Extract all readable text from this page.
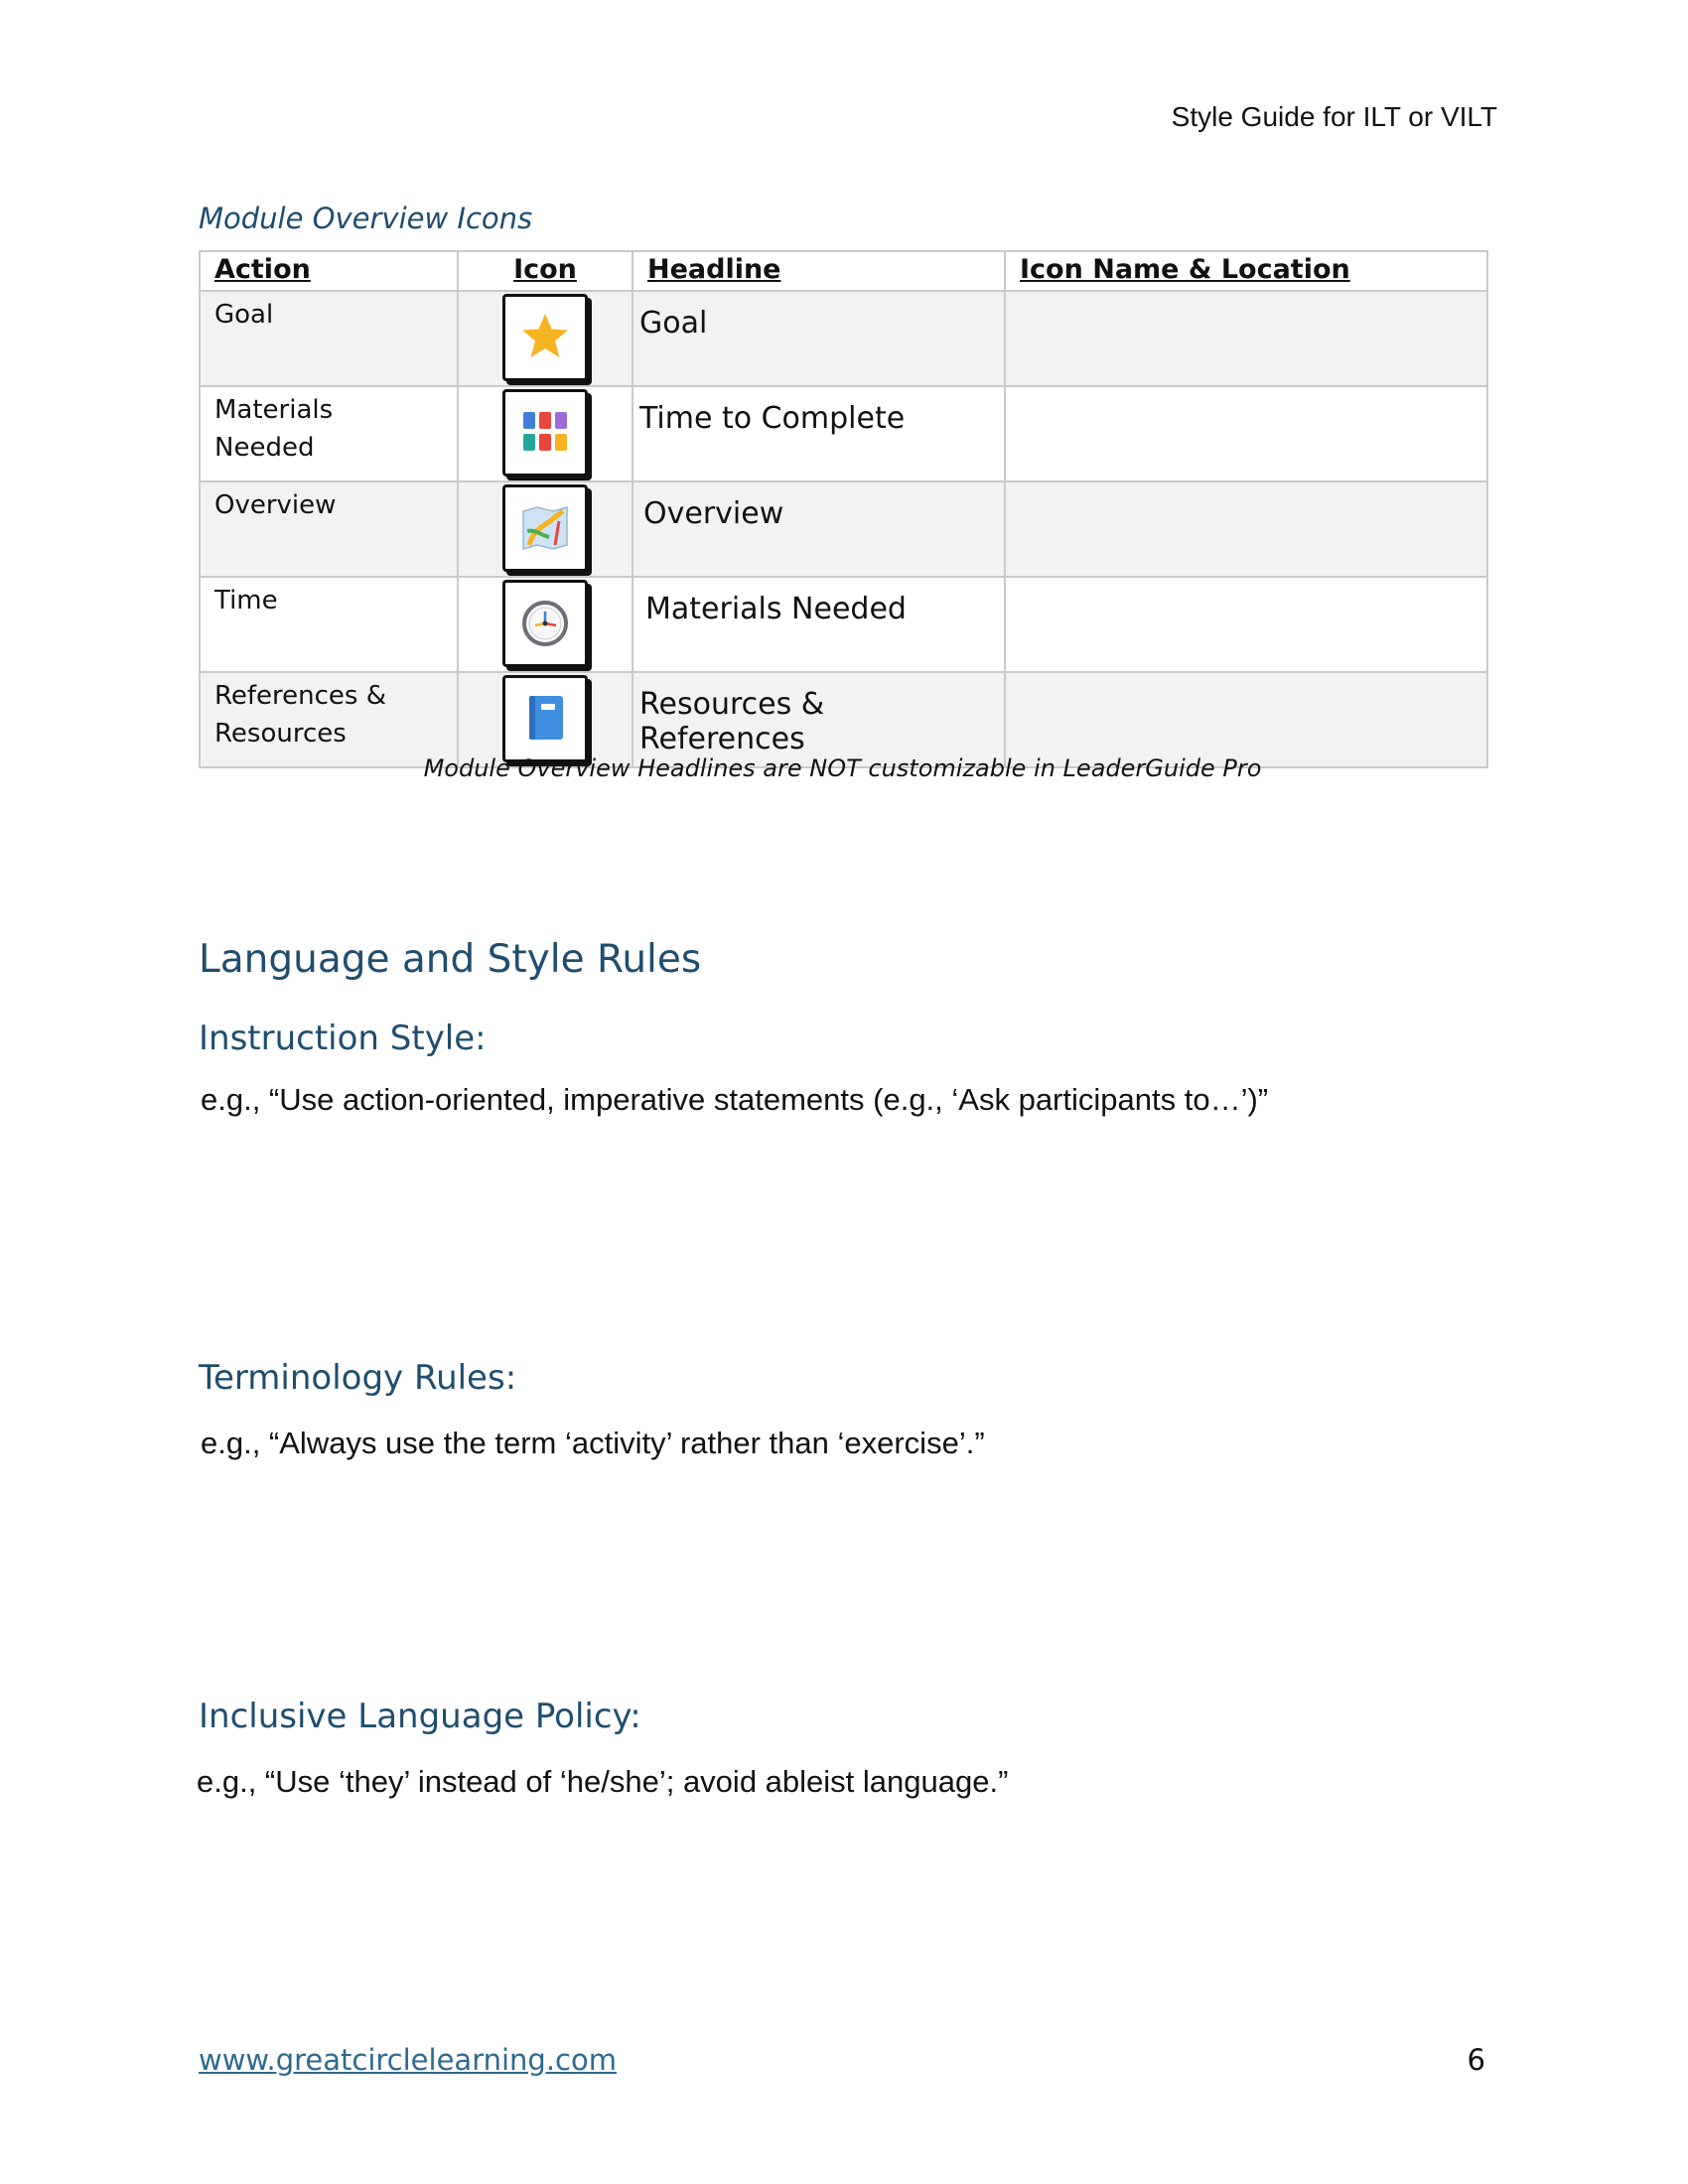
Style Guide for ILT or VILT
Module Overview Icons
Action	Icon	Headline	Icon Name & Location

Goal		Goal	

Materials
Needed		Time to Complete	

Overview		Overview	

Time		Materials Needed	

References &
Resources		Resources & References	
Module Overview Headlines are NOT customizable in LeaderGuide Pro
Language and Style Rules
Instruction Style:
e.g., “Use action-oriented, imperative statements (e.g., ‘Ask participants to…’)”
Terminology Rules:
e.g., “Always use the term ‘activity’ rather than ‘exercise’.”
Inclusive Language Policy:
e.g., “Use ‘they’ instead of ‘he/she’; avoid ableist language.”
www.greatcirclelearning.com	6
